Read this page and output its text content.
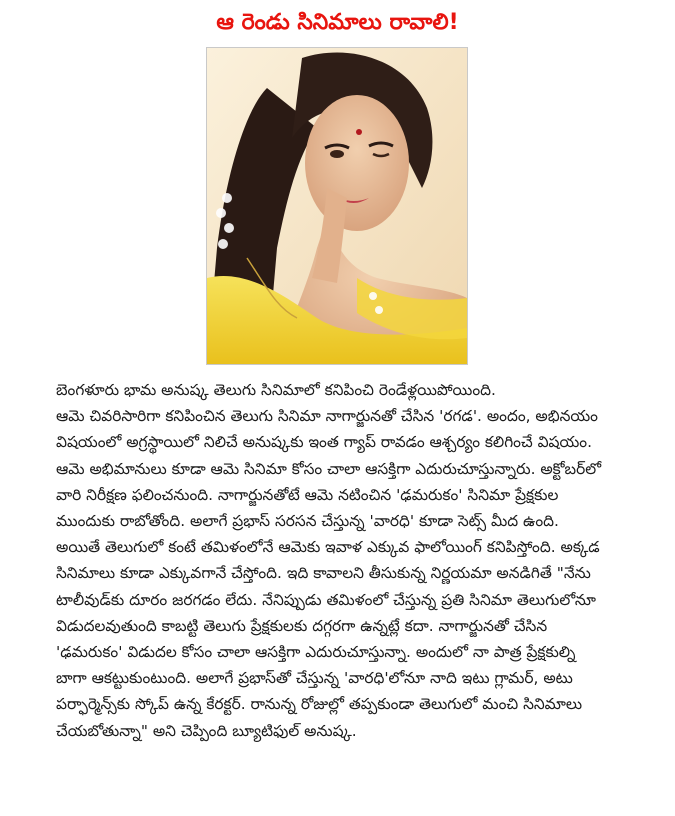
ఆ రెండు సినిమాలు రావాలి!
బెంగళూరు భామ అనుష్క తెలుగు సినిమాలో కనిపించి రెండేళ్లయిపోయింది.
ఆమె చివరిసారిగా కనిపించిన తెలుగు సినిమా నాగార్జునతో చేసిన 'రగడ'. అందం, అభినయం
విషయంలో అగ్రస్థాయిలో నిలిచే అనుష్కకు ఇంత గ్యాప్ రావడం ఆశ్చర్యం కలిగించే విషయం.
ఆమె అభిమానులు కూడా ఆమె సినిమా కోసం చాలా ఆసక్తిగా ఎదురుచూస్తున్నారు. అక్టోబర్‌లో
వారి నిరీక్షణ ఫలించనుంది. నాగార్జునతోటే ఆమె నటించిన 'ఢమరుకం' సినిమా ప్రేక్షకుల
ముందుకు రాబోతోంది. అలాగే ప్రభాస్ సరసన చేస్తున్న 'వారధి' కూడా సెట్స్ మీద ఉంది.
అయితే తెలుగులో కంటే తమిళంలోనే ఆమెకు ఇవాళ ఎక్కువ ఫాలోయింగ్ కనిపిస్తోంది. అక్కడ
సినిమాలు కూడా ఎక్కువగానే చేస్తోంది. ఇది కావాలని తీసుకున్న నిర్ణయమా అనడిగితే "నేను
టాలీవుడ్‌కు దూరం జరగడం లేదు. నేనిప్పుడు తమిళంలో చేస్తున్న ప్రతి సినిమా తెలుగులోనూ
విడుదలవుతుంది కాబట్టి తెలుగు ప్రేక్షకులకు దగ్గరగా ఉన్నట్లే కదా. నాగార్జునతో చేసిన
'ఢమరుకం' విడుదల కోసం చాలా ఆసక్తిగా ఎదురుచూస్తున్నా. అందులో నా పాత్ర ప్రేక్షకుల్ని
బాగా ఆకట్టుకుంటుంది. అలాగే ప్రభాస్‌తో చేస్తున్న 'వారధి'లోనూ నాది ఇటు గ్లామర్, అటు
పర్ఫార్మెన్స్‌కు స్కోప్ ఉన్న కేరక్టర్. రానున్న రోజుల్లో తప్పకుండా తెలుగులో మంచి సినిమాలు
చేయబోతున్నా" అని చెప్పింది బ్యూటిఫుల్ అనుష్క.
